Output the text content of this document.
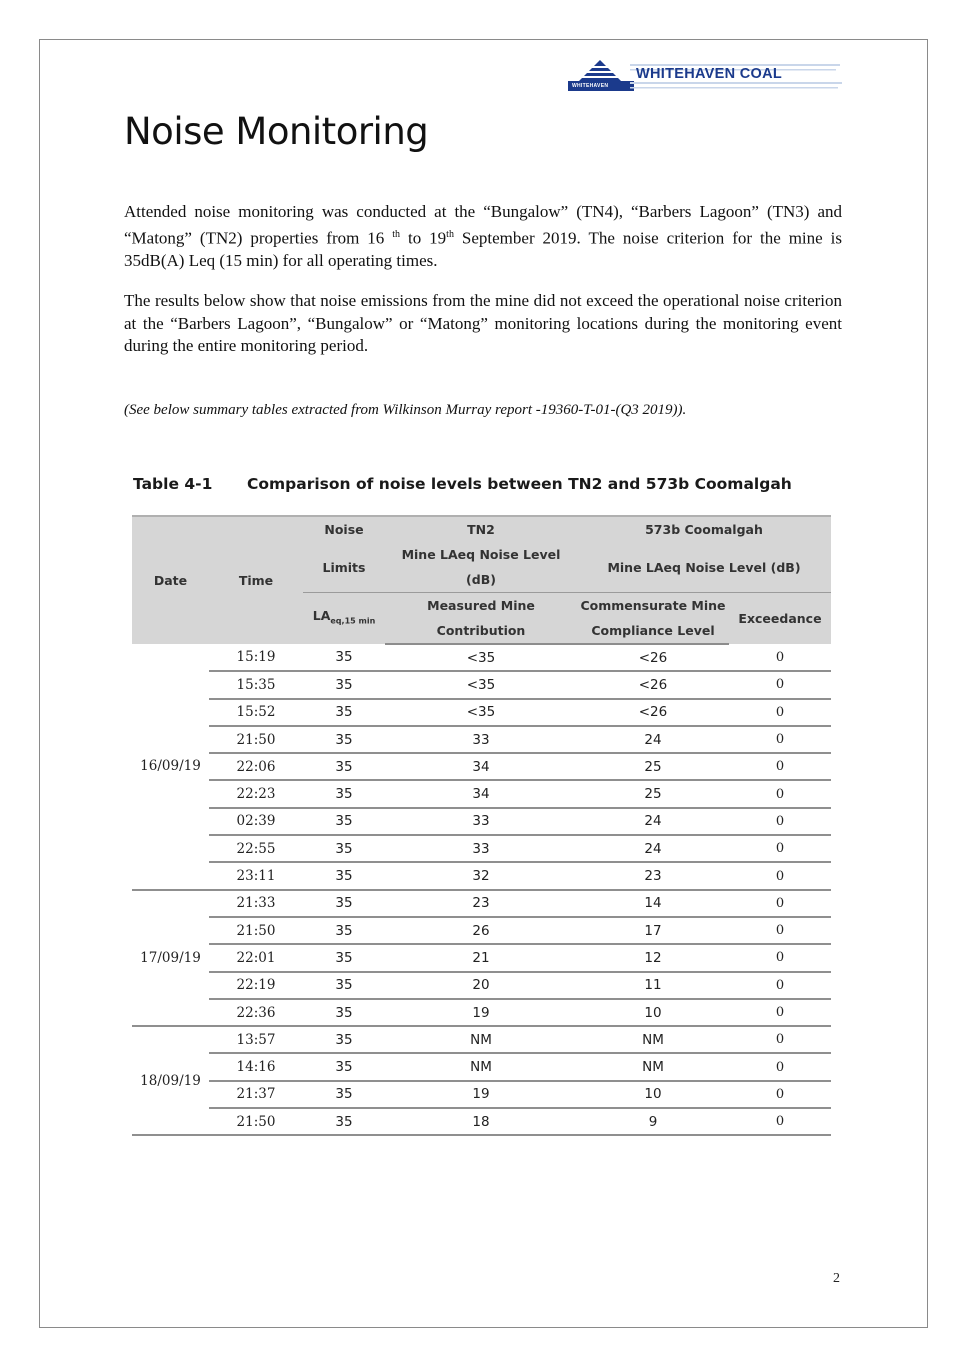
WHITEHAVEN COAL
WHITEHAVEN
Noise Monitoring

Attended noise monitoring was conducted at the “Bungalow” (TN4), “Barbers Lagoon” (TN3) and “Matong” (TN2) properties from 16 $^{th}$ to 19th September 2019. The noise criterion for the mine is 35dB(A) Leq (15 min) for all operating times.

The results below show that noise emissions from the mine did not exceed the operational noise criterion at the “Barbers Lagoon”, “Bungalow” or “Matong” monitoring locations during the monitoring event during the entire monitoring period.

(See below summary tables extracted from Wilkinson Murray report -19360-T-01-(Q3 2019)).
Table 4-1 Comparison of noise levels between TN2 and 573b Coomalgah
Date	Time	Noise	TN2	573b Coomalgah	
		Limits	Mine LAeq Noise Level (dB)	Mine LAeq Noise Level (dB)	
		$LA_{eq,15 min}$	Measured Mine	Commensurate Mine	Exceedance
			Contribution	Compliance Level	
16/09/19	15:19	35	<35	<26	0
	15:35	35	<35	<26	0
	15:52	35	<35	<26	0
	21:50	35	33	24	0
	22:06	35	34	25	0
	22:23	35	34	25	0
	02:39	35	33	24	0
	22:55	35	33	24	0
	23:11	35	32	23	0
17/09/19	21:33	35	23	14	0
	21:50	35	26	17	0
	22:01	35	21	12	0
	22:19	35	20	11	0
	22:36	35	19	10	0
18/09/19	13:57	35	NM	NM	0
	14:16	35	NM	NM	0
	21:37	35	19	10	0
	21:50	35	18	9	0
2
